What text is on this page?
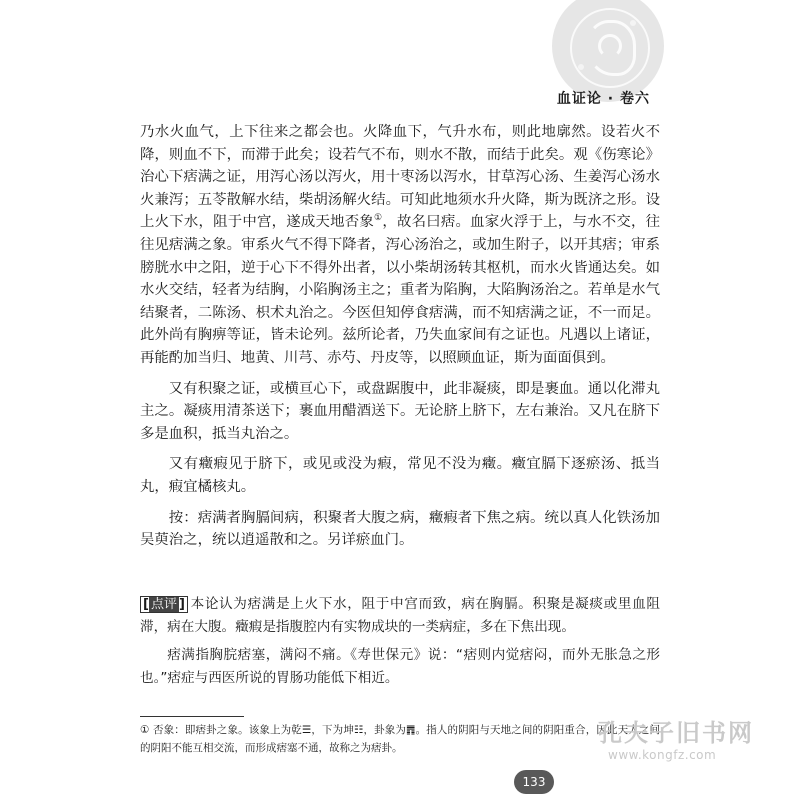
血证论 · 卷六

乃水火血气，上下往来之都会也。火降血下，气升水布，则此地廓然。设若火不降，则血不下，而滞于此矣；设若气不布，则水不散，而结于此矣。观《伤寒论》治心下痞满之证，用泻心汤以泻火，用十枣汤以泻水，甘草泻心汤、生姜泻心汤水火兼泻；五苓散解水结，柴胡汤解火结。可知此地须水升火降，斯为既济之形。设上火下水，阻于中宫，遂成天地否象①，故名曰痞。血家火浮于上，与水不交，往往见痞满之象。审系火气不得下降者，泻心汤治之，或加生附子，以开其痞；审系膀胱水中之阳，逆于心下不得外出者，以小柴胡汤转其枢机，而水火皆通达矣。如水火交结，轻者为结胸，小陷胸汤主之；重者为陷胸，大陷胸汤治之。若单是水气结聚者，二陈汤、枳术丸治之。今医但知停食痞满，而不知痞满之证，不一而足。此外尚有胸痹等证，皆未论列。兹所论者，乃失血家间有之证也。凡遇以上诸证，再能酌加当归、地黄、川芎、赤芍、丹皮等，以照顾血证，斯为面面俱到。

又有积聚之证，或横亘心下，或盘踞腹中，此非凝痰，即是裹血。通以化滞丸主之。凝痰用清茶送下；裹血用醋酒送下。无论脐上脐下，左右兼治。又凡在脐下多是血积，抵当丸治之。

又有癥瘕见于脐下，或见或没为瘕，常见不没为癥。癥宜膈下逐瘀汤、抵当丸，瘕宜橘核丸。

按：痞满者胸膈间病，积聚者大腹之病，癥瘕者下焦之病。统以真人化铁汤加吴萸治之，统以逍遥散和之。另详瘀血门。

[ 点评 ] 本论认为痞满是上火下水，阻于中宫而致，病在胸膈。积聚是凝痰或里血阻滞，病在大腹。癥瘕是指腹腔内有实物成块的一类病症，多在下焦出现。

痞满指胸脘痞塞，满闷不痛。《寿世保元》说：“痞则内觉痞闷，而外无胀急之形也。”痞症与西医所说的胃肠功能低下相近。

① 否象：即痞卦之象。该象上为乾☰，下为坤☷，卦象为䷋。指人的阴阳与天地之间的阴阳重合，因此天人之间的阴阳不能互相交流，而形成痞塞不通，故称之为痞卦。
孔夫子旧书网
www.kongfz.com
133
